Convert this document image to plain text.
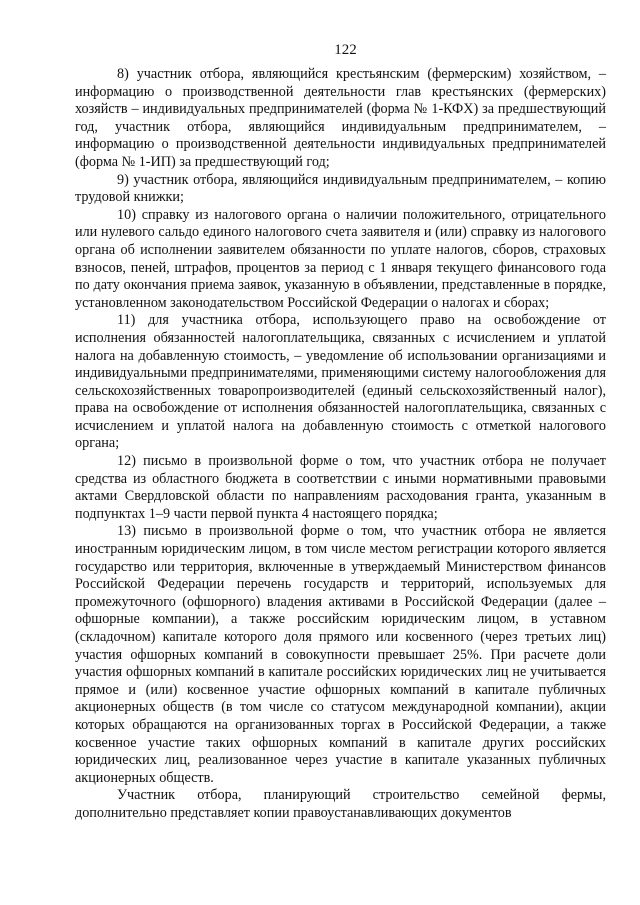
122

8) участник отбора, являющийся крестьянским (фермерским) хозяйством, – информацию о производственной деятельности глав крестьянских (фермерских) хозяйств – индивидуальных предпринимателей (форма № 1-КФХ) за предшествующий год, участник отбора, являющийся индивидуальным предпринимателем, – информацию о производственной деятельности индивидуальных предпринимателей (форма № 1-ИП) за предшествующий год;

9) участник отбора, являющийся индивидуальным предпринимателем, – копию трудовой книжки;

10) справку из налогового органа о наличии положительного, отрицательного или нулевого сальдо единого налогового счета заявителя и (или) справку из налогового органа об исполнении заявителем обязанности по уплате налогов, сборов, страховых взносов, пеней, штрафов, процентов за период с 1 января текущего финансового года по дату окончания приема заявок, указанную в объявлении, представленные в порядке, установленном законодательством Российской Федерации о налогах и сборах;

11) для участника отбора, использующего право на освобождение от исполнения обязанностей налогоплательщика, связанных с исчислением и уплатой налога на добавленную стоимость, – уведомление об использовании организациями и индивидуальными предпринимателями, применяющими систему налогообложения для сельскохозяйственных товаропроизводителей (единый сельскохозяйственный налог), права на освобождение от исполнения обязанностей налогоплательщика, связанных с исчислением и уплатой налога на добавленную стоимость с отметкой налогового органа;

12) письмо в произвольной форме о том, что участник отбора не получает средства из областного бюджета в соответствии с иными нормативными правовыми актами Свердловской области по направлениям расходования гранта, указанным в подпунктах 1–9 части первой пункта 4 настоящего порядка;

13) письмо в произвольной форме о том, что участник отбора не является иностранным юридическим лицом, в том числе местом регистрации которого является государство или территория, включенные в утверждаемый Министерством финансов Российской Федерации перечень государств и территорий, используемых для промежуточного (офшорного) владения активами в Российской Федерации (далее – офшорные компании), а также российским юридическим лицом, в уставном (складочном) капитале которого доля прямого или косвенного (через третьих лиц) участия офшорных компаний в совокупности превышает 25%. При расчете доли участия офшорных компаний в капитале российских юридических лиц не учитывается прямое и (или) косвенное участие офшорных компаний в капитале публичных акционерных обществ (в том числе со статусом международной компании), акции которых обращаются на организованных торгах в Российской Федерации, а также косвенное участие таких офшорных компаний в капитале других российских юридических лиц, реализованное через участие в капитале указанных публичных акционерных обществ.

Участник отбора, планирующий строительство семейной фермы, дополнительно представляет копии правоустанавливающих документов
